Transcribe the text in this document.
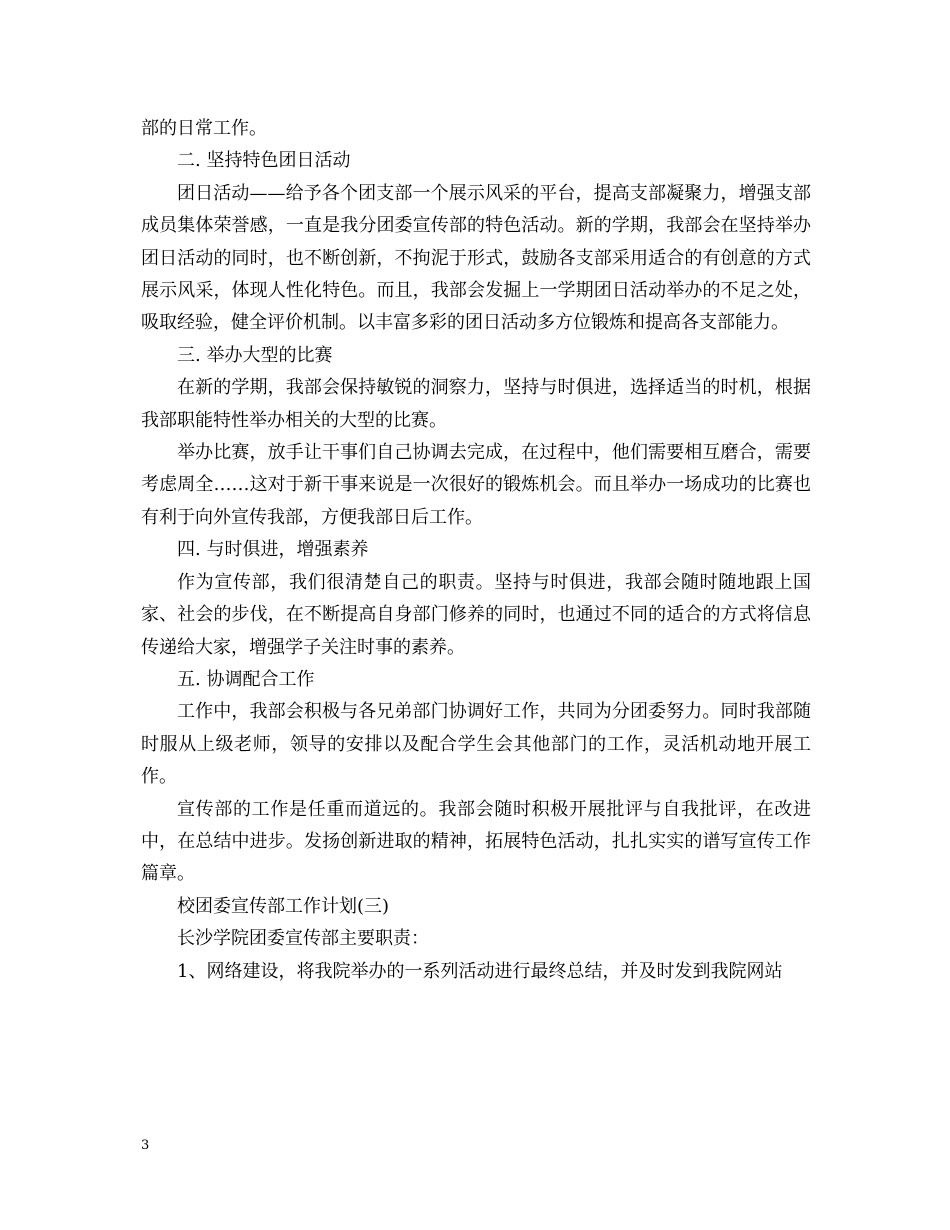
部的日常工作。

二. 坚持特色团日活动

团日活动——给予各个团支部一个展示风采的平台，提高支部凝聚力，增强支部成员集体荣誉感，一直是我分团委宣传部的特色活动。新的学期，我部会在坚持举办团日活动的同时，也不断创新，不拘泥于形式，鼓励各支部采用适合的有创意的方式展示风采，体现人性化特色。而且，我部会发掘上一学期团日活动举办的不足之处，吸取经验，健全评价机制。以丰富多彩的团日活动多方位锻炼和提高各支部能力。

三. 举办大型的比赛

在新的学期，我部会保持敏锐的洞察力，坚持与时俱进，选择适当的时机，根据我部职能特性举办相关的大型的比赛。

举办比赛，放手让干事们自己协调去完成，在过程中，他们需要相互磨合，需要考虑周全……这对于新干事来说是一次很好的锻炼机会。而且举办一场成功的比赛也有利于向外宣传我部，方便我部日后工作。

四. 与时俱进，增强素养

作为宣传部，我们很清楚自己的职责。坚持与时俱进，我部会随时随地跟上国家、社会的步伐，在不断提高自身部门修养的同时，也通过不同的适合的方式将信息传递给大家，增强学子关注时事的素养。

五. 协调配合工作

工作中，我部会积极与各兄弟部门协调好工作，共同为分团委努力。同时我部随时服从上级老师，领导的安排以及配合学生会其他部门的工作，灵活机动地开展工作。

宣传部的工作是任重而道远的。我部会随时积极开展批评与自我批评，在改进中，在总结中进步。发扬创新进取的精神，拓展特色活动，扎扎实实的谱写宣传工作篇章。

校团委宣传部工作计划(三)

长沙学院团委宣传部主要职责：

1、网络建设，将我院举办的一系列活动进行最终总结，并及时发到我院网站

3
